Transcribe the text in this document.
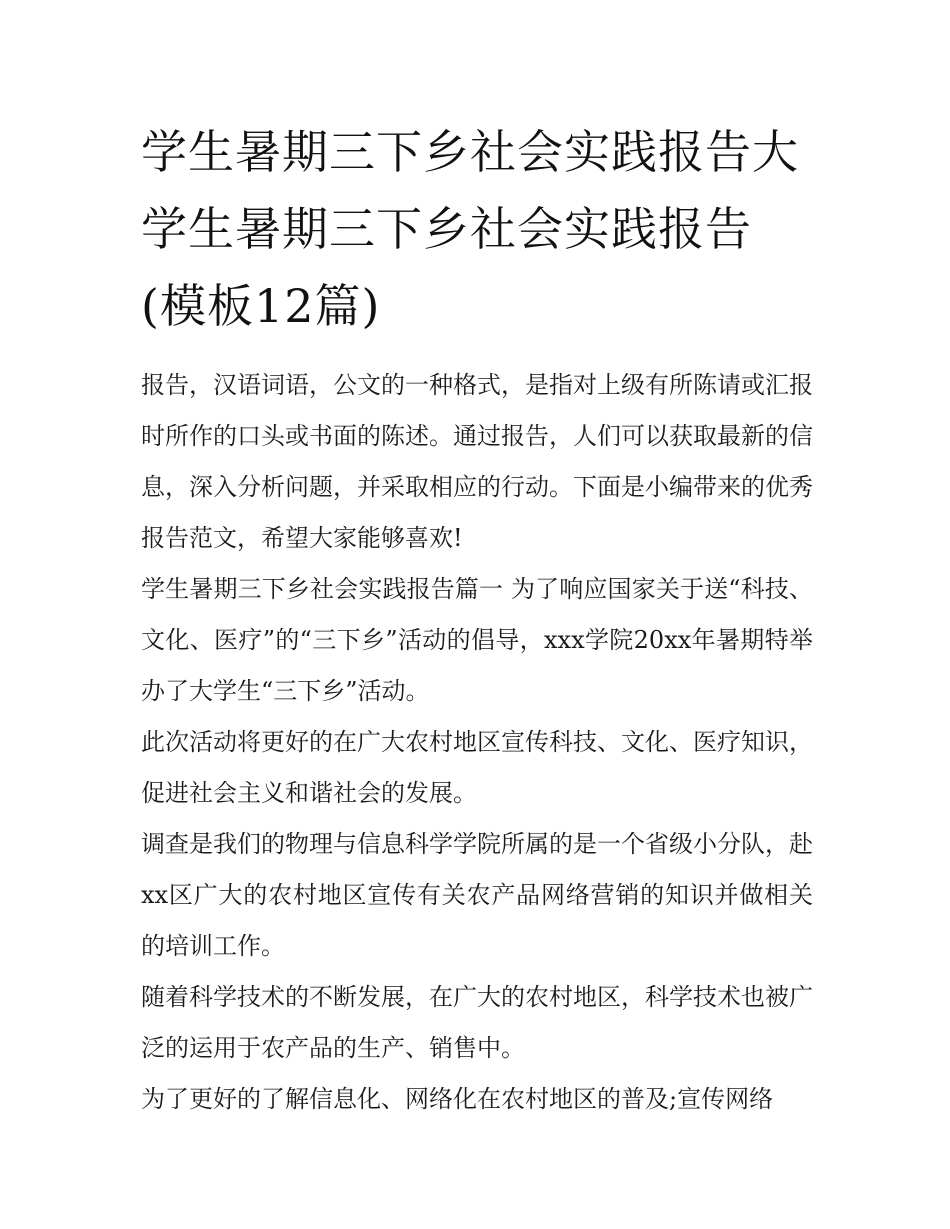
学生暑期三下乡社会实践报告大学生暑期三下乡社会实践报告(模板12篇)

报告，汉语词语，公文的一种格式，是指对上级有所陈请或汇报时所作的口头或书面的陈述。通过报告，人们可以获取最新的信息，深入分析问题，并采取相应的行动。下面是小编带来的优秀报告范文，希望大家能够喜欢!

学生暑期三下乡社会实践报告篇一 为了响应国家关于送“科技、文化、医疗”的“三下乡”活动的倡导，xxx学院20xx年暑期特举办了大学生“三下乡”活动。

此次活动将更好的在广大农村地区宣传科技、文化、医疗知识，促进社会主义和谐社会的发展。

调查是我们的物理与信息科学学院所属的是一个省级小分队，赴xx区广大的农村地区宣传有关农产品网络营销的知识并做相关的培训工作。

随着科学技术的不断发展，在广大的农村地区，科学技术也被广泛的运用于农产品的生产、销售中。

为了更好的了解信息化、网络化在农村地区的普及;宣传网络
